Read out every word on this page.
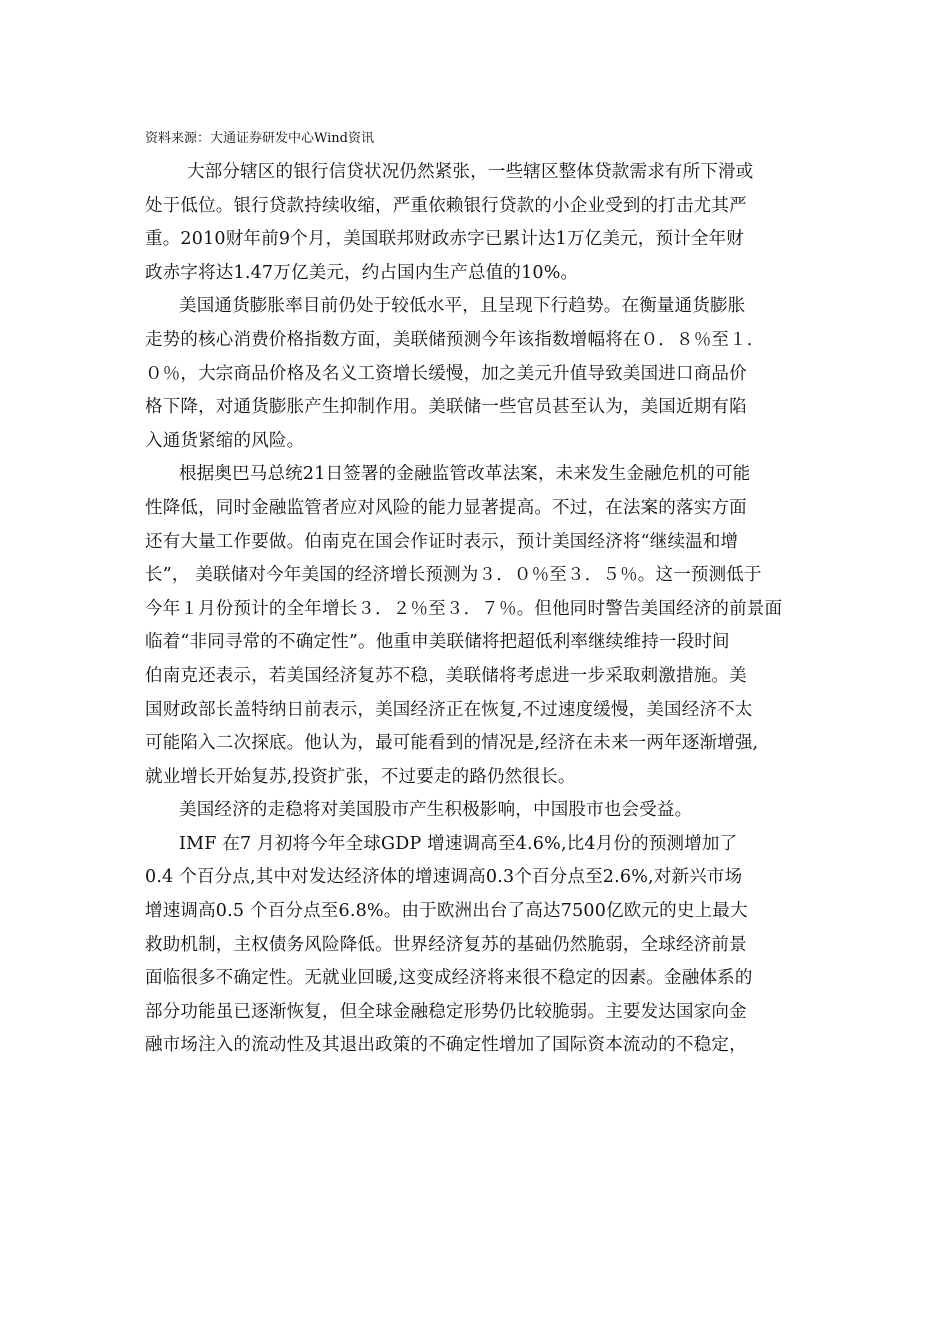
资料来源：大通证券研发中心Wind资讯
大部分辖区的银行信贷状况仍然紧张，一些辖区整体贷款需求有所下滑或
处于低位。银行贷款持续收缩，严重依赖银行贷款的小企业受到的打击尤其严
重。2010财年前9个月，美国联邦财政赤字已累计达1万亿美元，预计全年财
政赤字将达1.47万亿美元，约占国内生产总值的10%。
美国通货膨胀率目前仍处于较低水平，且呈现下行趋势。在衡量通货膨胀
走势的核心消费价格指数方面，美联储预测今年该指数增幅将在０．８％至１．
０％，大宗商品价格及名义工资增长缓慢，加之美元升值导致美国进口商品价
格下降，对通货膨胀产生抑制作用。美联储一些官员甚至认为，美国近期有陷
入通货紧缩的风险。
根据奥巴马总统21日签署的金融监管改革法案，未来发生金融危机的可能
性降低，同时金融监管者应对风险的能力显著提高。不过，在法案的落实方面
还有大量工作要做。伯南克在国会作证时表示，预计美国经济将“继续温和增
长”， 美联储对今年美国的经济增长预测为３．０％至３．５％。这一预测低于
今年１月份预计的全年增长３．２％至３．７％。但他同时警告美国经济的前景面
临着“非同寻常的不确定性”。他重申美联储将把超低利率继续维持一段时间
伯南克还表示，若美国经济复苏不稳，美联储将考虑进一步采取刺激措施。美
国财政部长盖特纳日前表示，美国经济正在恢复,不过速度缓慢，美国经济不太
可能陷入二次探底。他认为，最可能看到的情况是,经济在未来一两年逐渐增强,
就业增长开始复苏,投资扩张，不过要走的路仍然很长。
美国经济的走稳将对美国股市产生积极影响，中国股市也会受益。
IMF 在7 月初将今年全球GDP 增速调高至4.6%,比4月份的预测增加了
0.4 个百分点,其中对发达经济体的增速调高0.3个百分点至2.6%,对新兴市场
增速调高0.5 个百分点至6.8%。由于欧洲出台了高达7500亿欧元的史上最大
救助机制，主权债务风险降低。世界经济复苏的基础仍然脆弱，全球经济前景
面临很多不确定性。无就业回暖,这变成经济将来很不稳定的因素。金融体系的
部分功能虽已逐渐恢复，但全球金融稳定形势仍比较脆弱。主要发达国家向金
融市场注入的流动性及其退出政策的不确定性增加了国际资本流动的不稳定，
